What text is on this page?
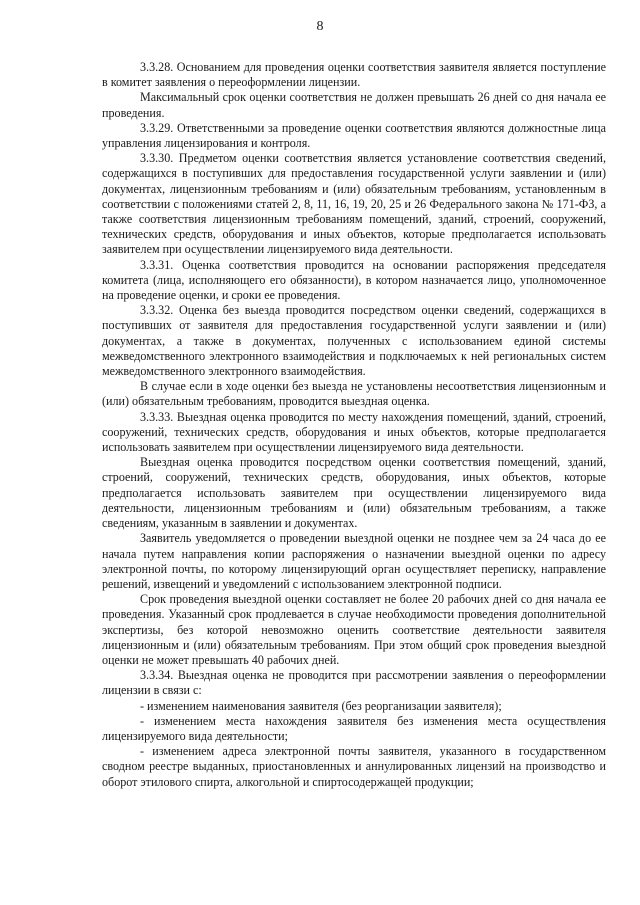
8

3.3.28. Основанием для проведения оценки соответствия заявителя является поступление в комитет заявления о переоформлении лицензии.

Максимальный срок оценки соответствия не должен превышать 26 дней со дня начала ее проведения.

3.3.29. Ответственными за проведение оценки соответствия являются должностные лица управления лицензирования и контроля.

3.3.30. Предметом оценки соответствия является установление соответствия сведений, содержащихся в поступивших для предоставления государственной услуги заявлении и (или) документах, лицензионным требованиям и (или) обязательным требованиям, установленным в соответствии с положениями статей 2, 8, 11, 16, 19, 20, 25 и 26 Федерального закона № 171-ФЗ, а также соответствия лицензионным требованиям помещений, зданий, строений, сооружений, технических средств, оборудования и иных объектов, которые предполагается использовать заявителем при осуществлении лицензируемого вида деятельности.

3.3.31. Оценка соответствия проводится на основании распоряжения председателя комитета (лица, исполняющего его обязанности), в котором назначается лицо, уполномоченное на проведение оценки, и сроки ее проведения.

3.3.32. Оценка без выезда проводится посредством оценки сведений, содержащихся в поступивших от заявителя для предоставления государственной услуги заявлении и (или) документах, а также в документах, полученных с использованием единой системы межведомственного электронного взаимодействия и подключаемых к ней региональных систем межведомственного электронного взаимодействия.

В случае если в ходе оценки без выезда не установлены несоответствия лицензионным и (или) обязательным требованиям, проводится выездная оценка.

3.3.33. Выездная оценка проводится по месту нахождения помещений, зданий, строений, сооружений, технических средств, оборудования и иных объектов, которые предполагается использовать заявителем при осуществлении лицензируемого вида деятельности.

Выездная оценка проводится посредством оценки соответствия помещений, зданий, строений, сооружений, технических средств, оборудования, иных объектов, которые предполагается использовать заявителем при осуществлении лицензируемого вида деятельности, лицензионным требованиям и (или) обязательным требованиям, а также сведениям, указанным в заявлении и документах.

Заявитель уведомляется о проведении выездной оценки не позднее чем за 24 часа до ее начала путем направления копии распоряжения о назначении выездной оценки по адресу электронной почты, по которому лицензирующий орган осуществляет переписку, направление решений, извещений и уведомлений с использованием электронной подписи.

Срок проведения выездной оценки составляет не более 20 рабочих дней со дня начала ее проведения. Указанный срок продлевается в случае необходимости проведения дополнительной экспертизы, без которой невозможно оценить соответствие деятельности заявителя лицензионным и (или) обязательным требованиям. При этом общий срок проведения выездной оценки не может превышать 40 рабочих дней.

3.3.34. Выездная оценка не проводится при рассмотрении заявления о переоформлении лицензии в связи с:

- изменением наименования заявителя (без реорганизации заявителя);

- изменением места нахождения заявителя без изменения места осуществления лицензируемого вида деятельности;

- изменением адреса электронной почты заявителя, указанного в государственном сводном реестре выданных, приостановленных и аннулированных лицензий на производство и оборот этилового спирта, алкогольной и спиртосодержащей продукции;
